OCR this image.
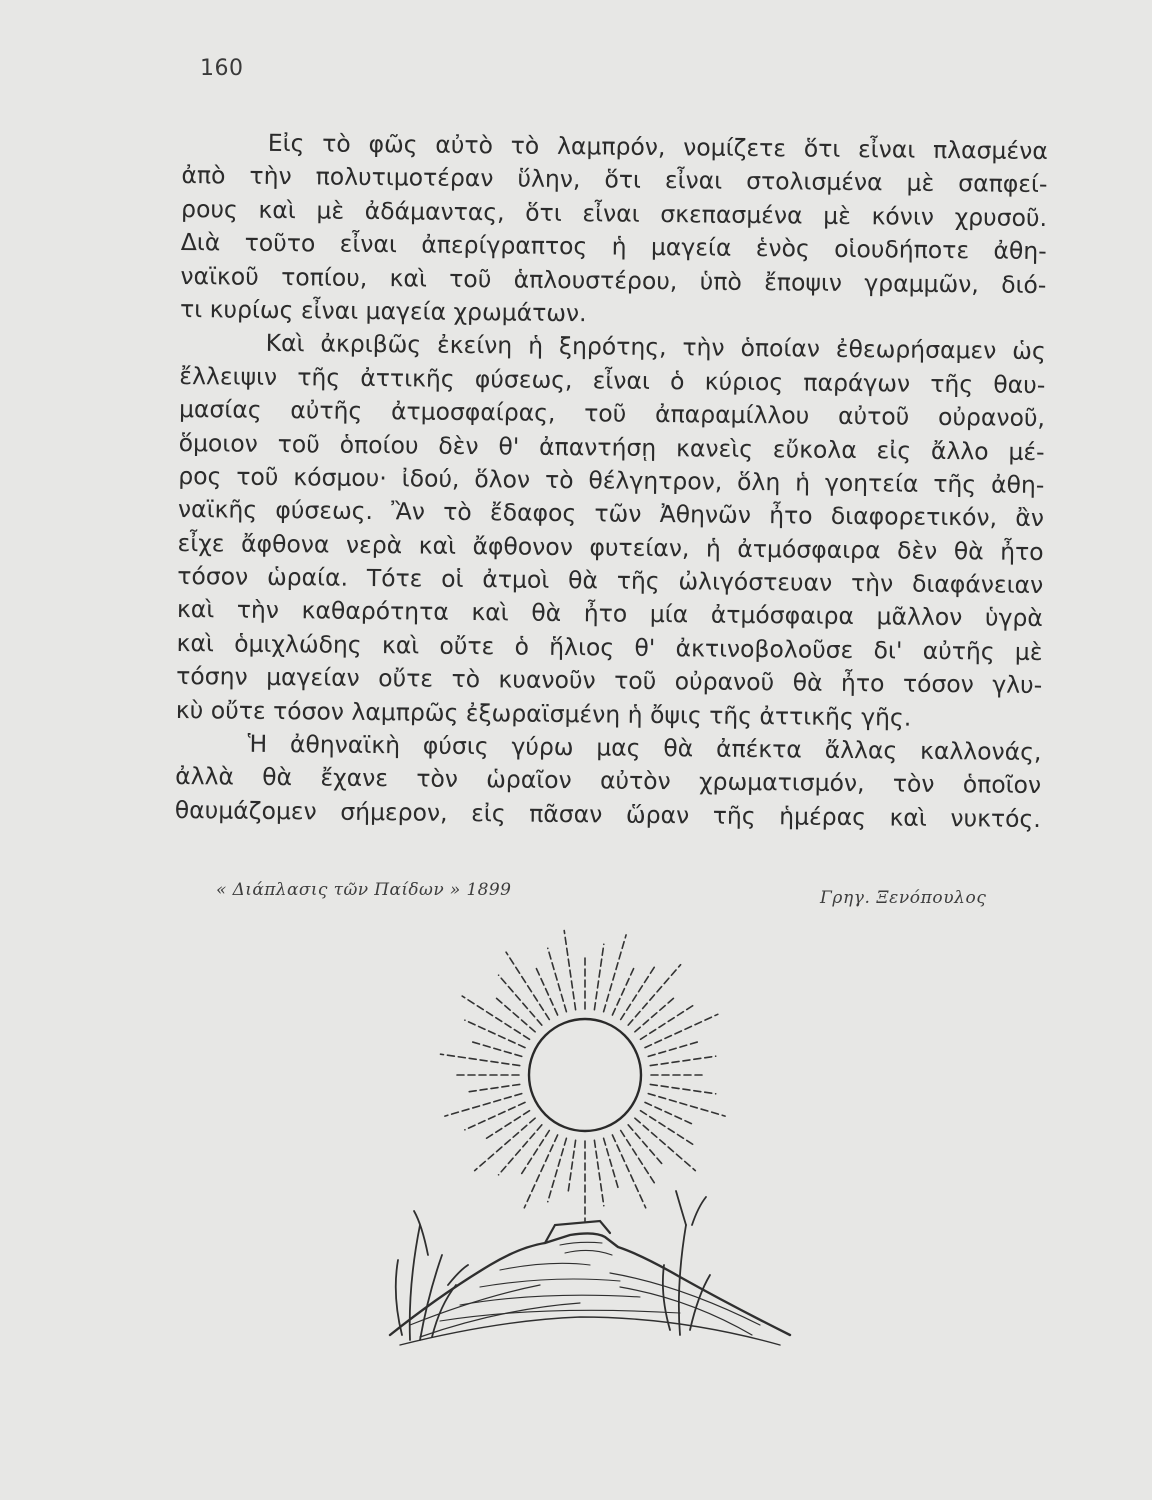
160
Εἰς τὸ φῶς αὐτὸ τὸ λαμπρόν, νομίζετε ὅτι εἶναι πλασμένα
ἀπὸ τὴν πολυτιμοτέραν ὕλην, ὅτι εἶναι στολισμένα μὲ σαπφεί-
ρους καὶ μὲ ἀδάμαντας, ὅτι εἶναι σκεπασμένα μὲ κόνιν χρυσοῦ.
Διὰ τοῦτο εἶναι ἀπερίγραπτος ἡ μαγεία ἑνὸς οἱουδήποτε ἀθη-
ναϊκοῦ τοπίου, καὶ τοῦ ἁπλουστέρου, ὑπὸ ἔποψιν γραμμῶν, διό-
τι κυρίως εἶναι μαγεία χρωμάτων.
Καὶ ἀκριβῶς ἐκείνη ἡ ξηρότης, τὴν ὁποίαν ἐθεωρήσαμεν ὡς
ἔλλειψιν τῆς ἀττικῆς φύσεως, εἶναι ὁ κύριος παράγων τῆς θαυ-
μασίας αὐτῆς ἀτμοσφαίρας, τοῦ ἀπαραμίλλου αὐτοῦ οὐρανοῦ,
ὅμοιον τοῦ ὁποίου δὲν θ' ἀπαντήσῃ κανεὶς εὔκολα εἰς ἄλλο μέ-
ρος τοῦ κόσμου· ἰδού, ὅλον τὸ θέλγητρον, ὅλη ἡ γοητεία τῆς ἀθη-
ναϊκῆς φύσεως. Ἂν τὸ ἔδαφος τῶν Ἀθηνῶν ἦτο διαφορετικόν, ἂν
εἶχε ἄφθονα νερὰ καὶ ἄφθονον φυτείαν, ἡ ἀτμόσφαιρα δὲν θὰ ἦτο
τόσον ὡραία. Τότε οἱ ἀτμοὶ θὰ τῆς ὠλιγόστευαν τὴν διαφάνειαν
καὶ τὴν καθαρότητα καὶ θὰ ἦτο μία ἀτμόσφαιρα μᾶλλον ὑγρὰ
καὶ ὁμιχλώδης καὶ οὔτε ὁ ἥλιος θ' ἀκτινοβολοῦσε δι' αὐτῆς μὲ
τόσην μαγείαν οὔτε τὸ κυανοῦν τοῦ οὐρανοῦ θὰ ἦτο τόσον γλυ-
κὺ οὔτε τόσον λαμπρῶς ἐξωραϊσμένη ἡ ὄψις τῆς ἀττικῆς γῆς.
Ἡ ἀθηναϊκὴ φύσις γύρω μας θὰ ἀπέκτα ἄλλας καλλονάς,
ἀλλὰ θὰ ἔχανε τὸν ὡραῖον αὐτὸν χρωματισμόν, τὸν ὁποῖον
θαυμάζομεν σήμερον, εἰς πᾶσαν ὥραν τῆς ἡμέρας καὶ νυκτός.
« Διάπλασις τῶν Παίδων » 1899	Γρηγ. Ξενόπουλος
